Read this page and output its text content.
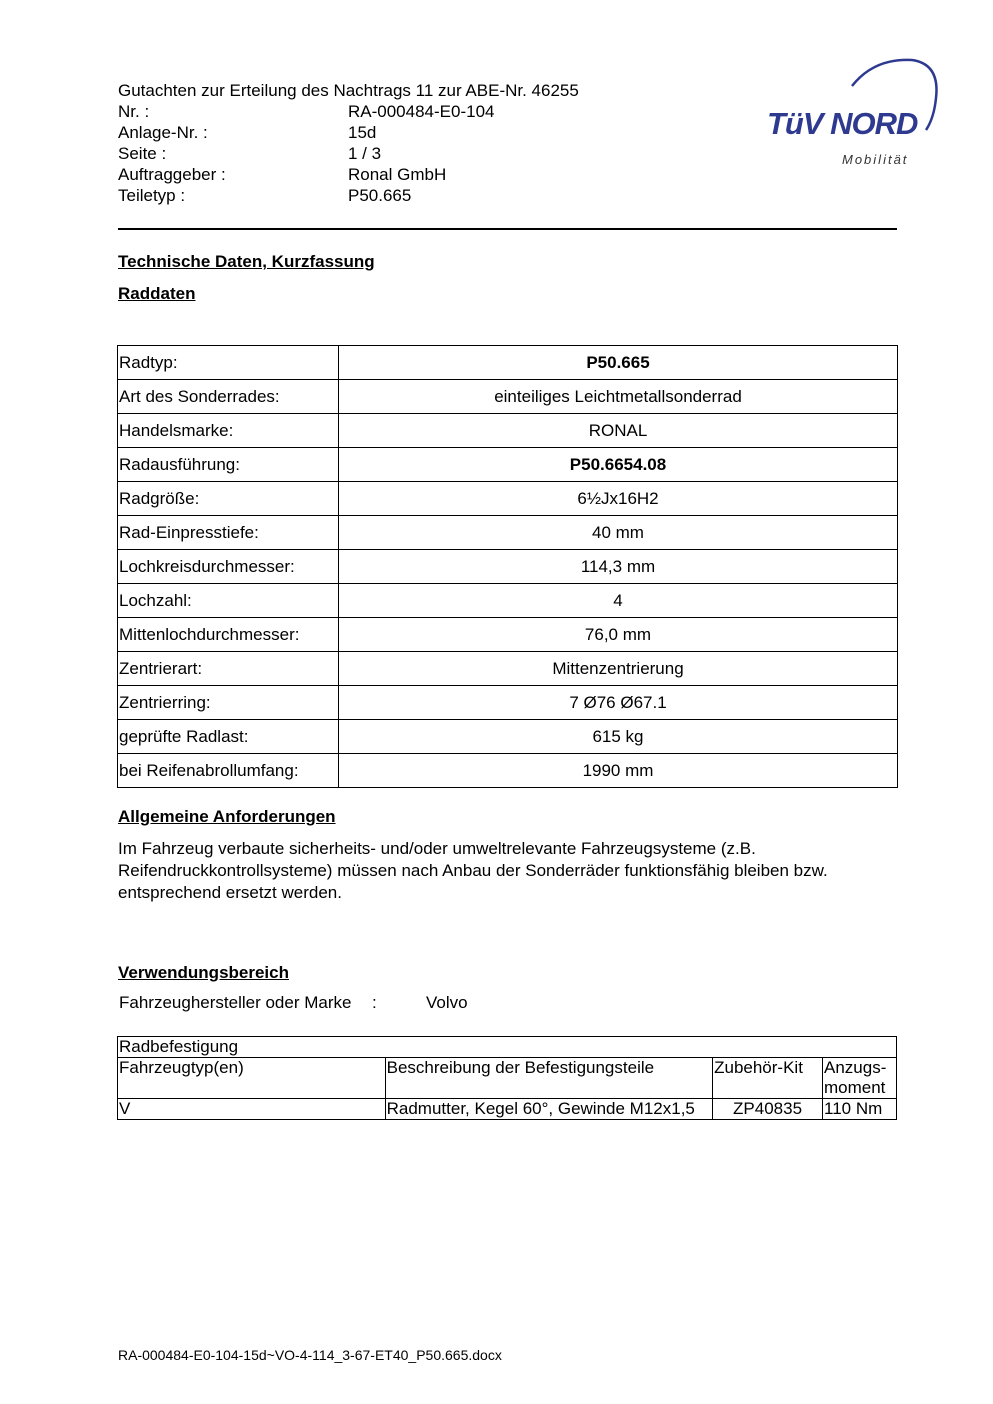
Gutachten zur Erteilung des Nachtrags 11 zur ABE-Nr. 46255
Nr. :	RA-000484-E0-104
Anlage-Nr. :	15d
Seite :	1 / 3
Auftraggeber :	Ronal GmbH
Teiletyp :	P50.665
TüV NORD
Mobilität
Technische Daten, Kurzfassung
Raddaten
Radtyp:	P50.665
Art des Sonderrades:	einteiliges Leichtmetallsonderrad
Handelsmarke:	RONAL
Radausführung:	P50.6654.08
Radgröße:	6½Jx16H2
Rad-Einpresstiefe:	40 mm
Lochkreisdurchmesser:	114,3 mm
Lochzahl:	4
Mittenlochdurchmesser:	76,0 mm
Zentrierart:	Mittenzentrierung
Zentrierring:	7 Ø76 Ø67.1
geprüfte Radlast:	615 kg
bei Reifenabrollumfang:	1990 mm
Allgemeine Anforderungen
Im Fahrzeug verbaute sicherheits- und/oder umweltrelevante Fahrzeugsysteme (z.B. Reifendruckkontrollsysteme) müssen nach Anbau der Sonderräder funktionsfähig bleiben bzw. entsprechend ersetzt werden.
Verwendungsbereich
Fahrzeughersteller oder Marke :	Volvo
Radbefestigung			
Fahrzeugtyp(en)	Beschreibung der Befestigungsteile	Zubehör-Kit	Anzugs-moment
V	Radmutter, Kegel 60°, Gewinde M12x1,5	ZP40835	110 Nm
RA-000484-E0-104-15d~VO-4-114_3-67-ET40_P50.665.docx
